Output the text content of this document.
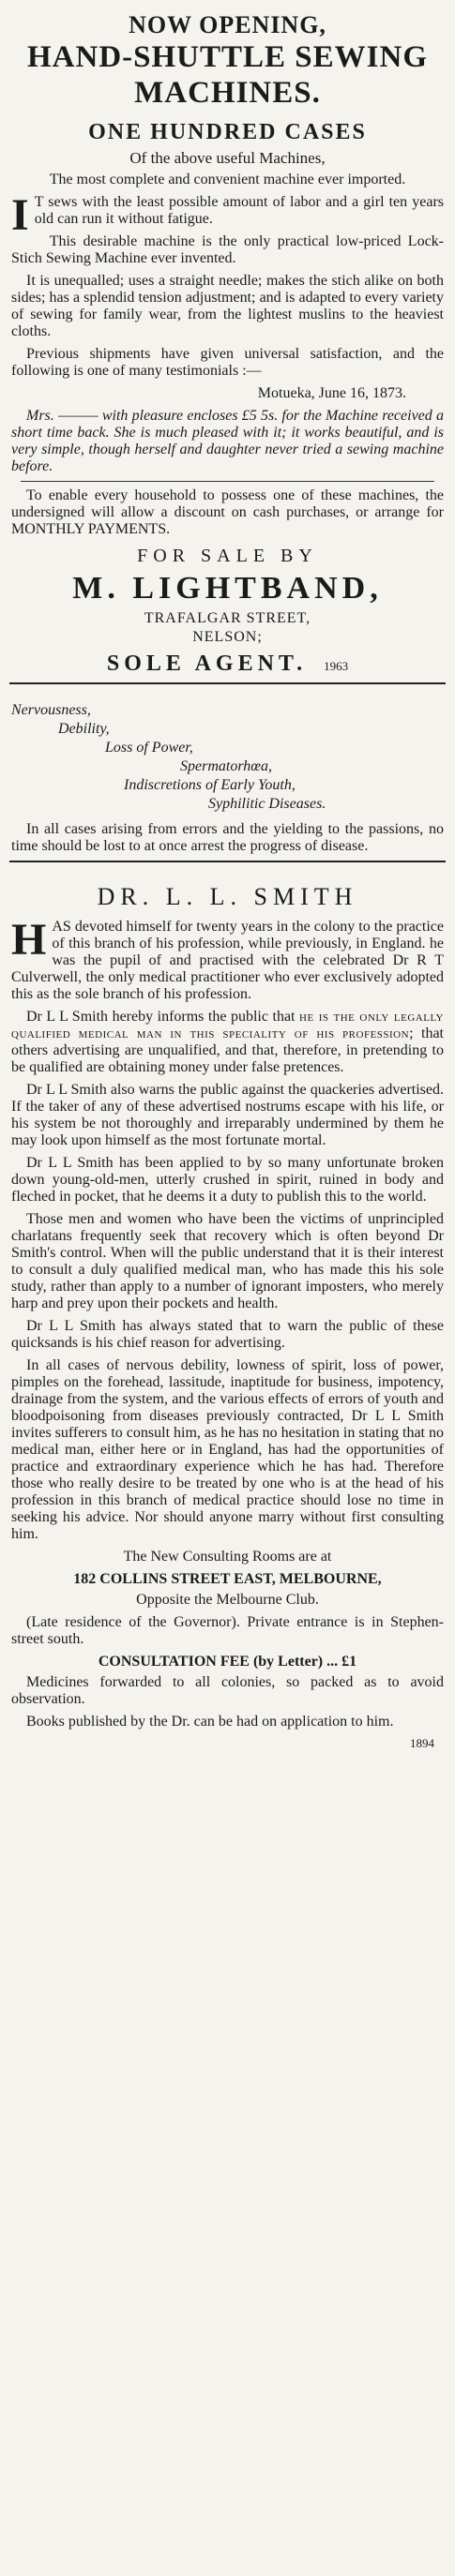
NOW OPENING,
HAND-SHUTTLE SEWING
MACHINES.
ONE HUNDRED CASES
Of the above useful Machines,

The most complete and convenient machine ever imported.

I T sews with the least possible amount of labor and a girl ten years old can run it without fatigue.

This desirable machine is the only practical low-priced Lock-Stich Sewing Machine ever invented.

It is unequalled; uses a straight needle; makes the stich alike on both sides; has a splendid tension adjustment; and is adapted to every variety of sewing for family wear, from the lightest muslins to the heaviest cloths.

Previous shipments have given universal satisfaction, and the following is one of many testimonials :—

Motueka, June 16, 1873.

Mrs. ——— with pleasure encloses £5 5s. for the Machine received a short time back. She is much pleased with it; it works beautiful, and is very simple, though herself and daughter never tried a sewing machine before.

To enable every household to possess one of these machines, the undersigned will allow a discount on cash purchases, or arrange for MONTHLY PAYMENTS.

FOR SALE BY
M. LIGHTBAND,
TRAFALGAR STREET,
NELSON;
SOLE AGENT. 1963
Nervousness,
Debility,
Loss of Power,
Spermatorhœa,
Indiscretions of Early Youth,
Syphilitic Diseases.

In all cases arising from errors and the yielding to the passions, no time should be lost to at once arrest the progress of disease.

DR. L. L. SMITH

HAS devoted himself for twenty years in the colony to the practice of this branch of his profession, while previously, in England. he was the pupil of and practised with the celebrated Dr R T Culverwell, the only medical practitioner who ever exclusively adopted this as the sole branch of his profession.

Dr L L Smith hereby informs the public that he is the only legally qualified medical man in this speciality of his profession; that others advertising are unqualified, and that, therefore, in pretending to be qualified are obtaining money under false pretences.

Dr L L Smith also warns the public against the quackeries advertised. If the taker of any of these advertised nostrums escape with his life, or his system be not thoroughly and irreparably undermined by them he may look upon himself as the most fortunate mortal.

Dr L L Smith has been applied to by so many unfortunate broken down young-old-men, utterly crushed in spirit, ruined in body and fleched in pocket, that he deems it a duty to publish this to the world.

Those men and women who have been the victims of unprincipled charlatans frequently seek that recovery which is often beyond Dr Smith's control. When will the public understand that it is their interest to consult a duly qualified medical man, who has made this his sole study, rather than apply to a number of ignorant imposters, who merely harp and prey upon their pockets and health.

Dr L L Smith has always stated that to warn the public of these quicksands is his chief reason for advertising.

In all cases of nervous debility, lowness of spirit, loss of power, pimples on the forehead, lassitude, inaptitude for business, impotency, drainage from the system, and the various effects of errors of youth and bloodpoisoning from diseases previously contracted, Dr L L Smith invites sufferers to consult him, as he has no hesitation in stating that no medical man, either here or in England, has had the opportunities of practice and extraordinary experience which he has had. Therefore those who really desire to be treated by one who is at the head of his profession in this branch of medical practice should lose no time in seeking his advice. Nor should anyone marry without first consulting him.

The New Consulting Rooms are at

182 COLLINS STREET EAST, MELBOURNE,

Opposite the Melbourne Club.

(Late residence of the Governor). Private entrance is in Stephen-street south.

CONSULTATION FEE (by Letter) ... £1

Medicines forwarded to all colonies, so packed as to avoid observation.

Books published by the Dr. can be had on application to him.

1894
